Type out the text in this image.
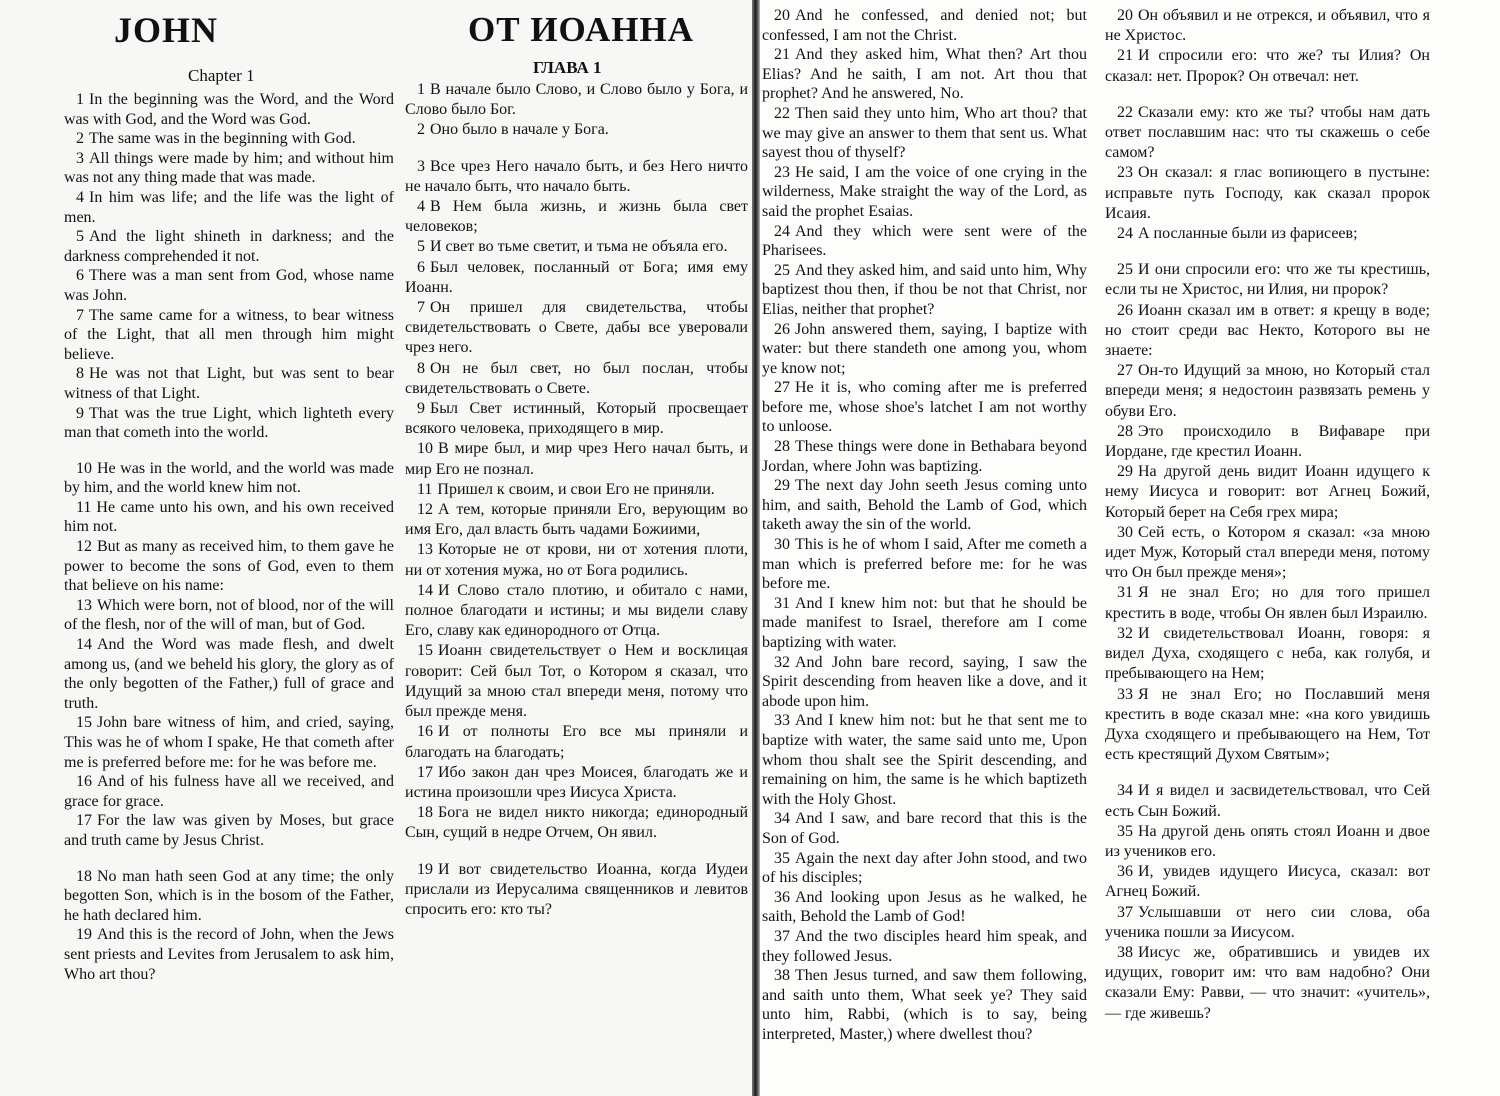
JOHN	ОТ ИОАННА
Chapter 1
1 In the beginning was the Word, and the Word was with God, and the Word was God.
2 The same was in the beginning with God.
3 All things were made by him; and without him was not any thing made that was made.
4 In him was life; and the life was the light of men.
5 And the light shineth in darkness; and the darkness comprehended it not.
6 There was a man sent from God, whose name was John.
7 The same came for a witness, to bear witness of the Light, that all men through him might believe.
8 He was not that Light, but was sent to bear witness of that Light.
9 That was the true Light, which lighteth every man that cometh into the world.
10 He was in the world, and the world was made by him, and the world knew him not.
11 He came unto his own, and his own received him not.
12 But as many as received him, to them gave he power to become the sons of God, even to them that believe on his name:
13 Which were born, not of blood, nor of the will of the flesh, nor of the will of man, but of God.
14 And the Word was made flesh, and dwelt among us, (and we beheld his glory, the glory as of the only begotten of the Father,) full of grace and truth.
15 John bare witness of him, and cried, saying, This was he of whom I spake, He that cometh after me is preferred before me: for he was before me.
16 And of his fulness have all we received, and grace for grace.
17 For the law was given by Moses, but grace and truth came by Jesus Christ.
18 No man hath seen God at any time; the only begotten Son, which is in the bosom of the Father, he hath declared him.
19 And this is the record of John, when the Jews sent priests and Levites from Jerusalem to ask him, Who art thou?
ГЛАВА 1
1 В начале было Слово, и Слово было у Бога, и Слово было Бог.
2 Оно было в начале у Бога.
3 Все чрез Него начало быть, и без Него ничто не начало быть, что начало быть.
4 В Нем была жизнь, и жизнь была свет человеков;
5 И свет во тьме светит, и тьма не объяла его.
6 Был человек, посланный от Бога; имя ему Иоанн.
7 Он пришел для свидетельства, чтобы свидетельствовать о Свете, дабы все уверовали чрез него.
8 Он не был свет, но был послан, чтобы свидетельствовать о Свете.
9 Был Свет истинный, Который просвещает всякого человека, приходящего в мир.
10 В мире был, и мир чрез Него начал быть, и мир Его не познал.
11 Пришел к своим, и свои Его не приняли.
12 А тем, которые приняли Его, верующим во имя Его, дал власть быть чадами Божиими,
13 Которые не от крови, ни от хотения плоти, ни от хотения мужа, но от Бога родились.
14 И Слово стало плотию, и обитало с нами, полное благодати и истины; и мы видели славу Его, славу как единородного от Отца.
15 Иоанн свидетельствует о Нем и восклицая говорит: Сей был Тот, о Котором я сказал, что Идущий за мною стал впереди меня, потому что был прежде меня.
16 И от полноты Его все мы приняли и благодать на благодать;
17 Ибо закон дан чрез Моисея, благодать же и истина произошли чрез Иисуса Христа.
18 Бога не видел никто никогда; единородный Сын, сущий в недре Отчем, Он явил.
19 И вот свидетельство Иоанна, когда Иудеи прислали из Иерусалима священников и левитов спросить его: кто ты?
20 And he confessed, and denied not; but confessed, I am not the Christ.
21 And they asked him, What then? Art thou Elias? And he saith, I am not. Art thou that prophet? And he answered, No.
22 Then said they unto him, Who art thou? that we may give an answer to them that sent us. What sayest thou of thyself?
23 He said, I am the voice of one crying in the wilderness, Make straight the way of the Lord, as said the prophet Esaias.
24 And they which were sent were of the Pharisees.
25 And they asked him, and said unto him, Why baptizest thou then, if thou be not that Christ, nor Elias, neither that prophet?
26 John answered them, saying, I baptize with water: but there standeth one among you, whom ye know not;
27 He it is, who coming after me is preferred before me, whose shoe's latchet I am not worthy to unloose.
28 These things were done in Bethabara beyond Jordan, where John was baptizing.
29 The next day John seeth Jesus coming unto him, and saith, Behold the Lamb of God, which taketh away the sin of the world.
30 This is he of whom I said, After me cometh a man which is preferred before me: for he was before me.
31 And I knew him not: but that he should be made manifest to Israel, therefore am I come baptizing with water.
32 And John bare record, saying, I saw the Spirit descending from heaven like a dove, and it abode upon him.
33 And I knew him not: but he that sent me to baptize with water, the same said unto me, Upon whom thou shalt see the Spirit descending, and remaining on him, the same is he which baptizeth with the Holy Ghost.
34 And I saw, and bare record that this is the Son of God.
35 Again the next day after John stood, and two of his disciples;
36 And looking upon Jesus as he walked, he saith, Behold the Lamb of God!
37 And the two disciples heard him speak, and they followed Jesus.
38 Then Jesus turned, and saw them following, and saith unto them, What seek ye? They said unto him, Rabbi, (which is to say, being interpreted, Master,) where dwellest thou?
20 Он объявил и не отрекся, и объявил, что я не Христос.
21 И спросили его: что же? ты Илия? Он сказал: нет. Пророк? Он отвечал: нет.
22 Сказали ему: кто же ты? чтобы нам дать ответ пославшим нас: что ты скажешь о себе самом?
23 Он сказал: я глас вопиющего в пустыне: исправьте путь Господу, как сказал пророк Исаия.
24 А посланные были из фарисеев;
25 И они спросили его: что же ты крестишь, если ты не Христос, ни Илия, ни пророк?
26 Иоанн сказал им в ответ: я крещу в воде; но стоит среди вас Некто, Которого вы не знаете:
27 Он-то Идущий за мною, но Который стал впереди меня; я недостоин развязать ремень у обуви Его.
28 Это происходило в Вифаваре при Иордане, где крестил Иоанн.
29 На другой день видит Иоанн идущего к нему Иисуса и говорит: вот Агнец Божий, Который берет на Себя грех мира;
30 Сей есть, о Котором я сказал: «за мною идет Муж, Который стал впереди меня, потому что Он был прежде меня»;
31 Я не знал Его; но для того пришел крестить в воде, чтобы Он явлен был Израилю.
32 И свидетельствовал Иоанн, говоря: я видел Духа, сходящего с неба, как голубя, и пребывающего на Нем;
33 Я не знал Его; но Пославший меня крестить в воде сказал мне: «на кого увидишь Духа сходящего и пребывающего на Нем, Тот есть крестящий Духом Святым»;
34 И я видел и засвидетельствовал, что Сей есть Сын Божий.
35 На другой день опять стоял Иоанн и двое из учеников его.
36 И, увидев идущего Иисуса, сказал: вот Агнец Божий.
37 Услышавши от него сии слова, оба ученика пошли за Иисусом.
38 Иисус же, обратившись и увидев их идущих, говорит им: что вам надобно? Они сказали Ему: Равви, — что значит: «учитель», — где живешь?
